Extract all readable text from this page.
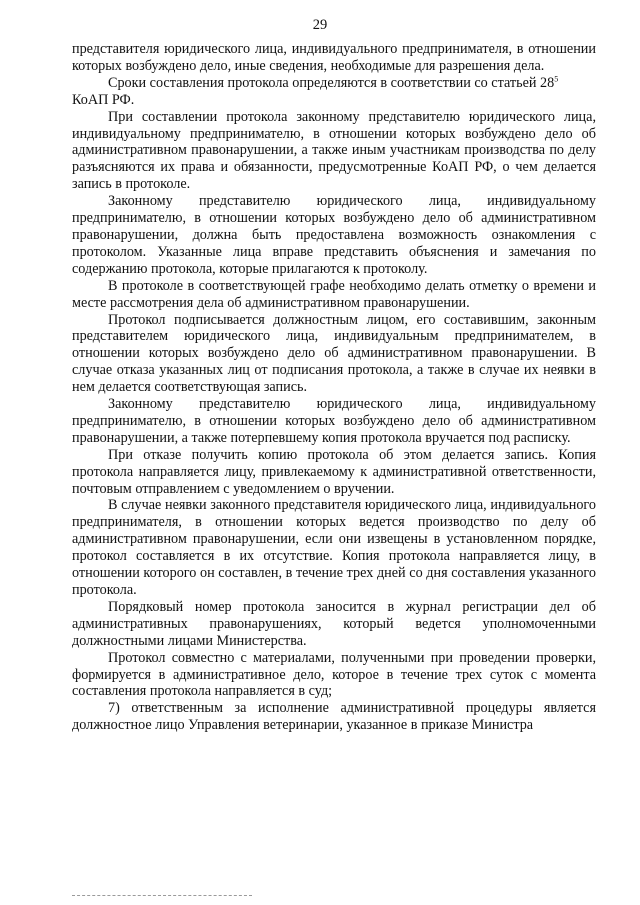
29

представителя юридического лица, индивидуального предпринимателя, в отношении которых возбуждено дело, иные сведения, необходимые для разрешения дела.

Сроки составления протокола определяются в соответствии со статьей $28^5$

КоАП РФ.

При составлении протокола законному представителю юридического лица, индивидуальному предпринимателю, в отношении которых возбуждено дело об административном правонарушении, а также иным участникам производства по делу разъясняются их права и обязанности, предусмотренные КоАП РФ, о чем делается запись в протоколе.

Законному представителю юридического лица, индивидуальному предпринимателю, в отношении которых возбуждено дело об административном правонарушении, должна быть предоставлена возможность ознакомления с протоколом. Указанные лица вправе представить объяснения и замечания по содержанию протокола, которые прилагаются к протоколу.

В протоколе в соответствующей графе необходимо делать отметку о времени и месте рассмотрения дела об административном правонарушении.

Протокол подписывается должностным лицом, его составившим, законным представителем юридического лица, индивидуальным предпринимателем, в отношении которых возбуждено дело об административном правонарушении. В случае отказа указанных лиц от подписания протокола, а также в случае их неявки в нем делается соответствующая запись.

Законному представителю юридического лица, индивидуальному предпринимателю, в отношении которых возбуждено дело об административном правонарушении, а также потерпевшему копия протокола вручается под расписку.

При отказе получить копию протокола об этом делается запись. Копия протокола направляется лицу, привлекаемому к административной ответственности, почтовым отправлением с уведомлением о вручении.

В случае неявки законного представителя юридического лица, индивидуального предпринимателя, в отношении которых ведется производство по делу об административном правонарушении, если они извещены в установленном порядке, протокол составляется в их отсутствие. Копия протокола направляется лицу, в отношении которого он составлен, в течение трех дней со дня составления указанного протокола.

Порядковый номер протокола заносится в журнал регистрации дел об административных правонарушениях, который ведется уполномоченными должностными лицами Министерства.

Протокол совместно с материалами, полученными при проведении проверки, формируется в административное дело, которое в течение трех суток с момента составления протокола направляется в суд;

7) ответственным за исполнение административной процедуры является должностное лицо Управления ветеринарии, указанное в приказе Министра
